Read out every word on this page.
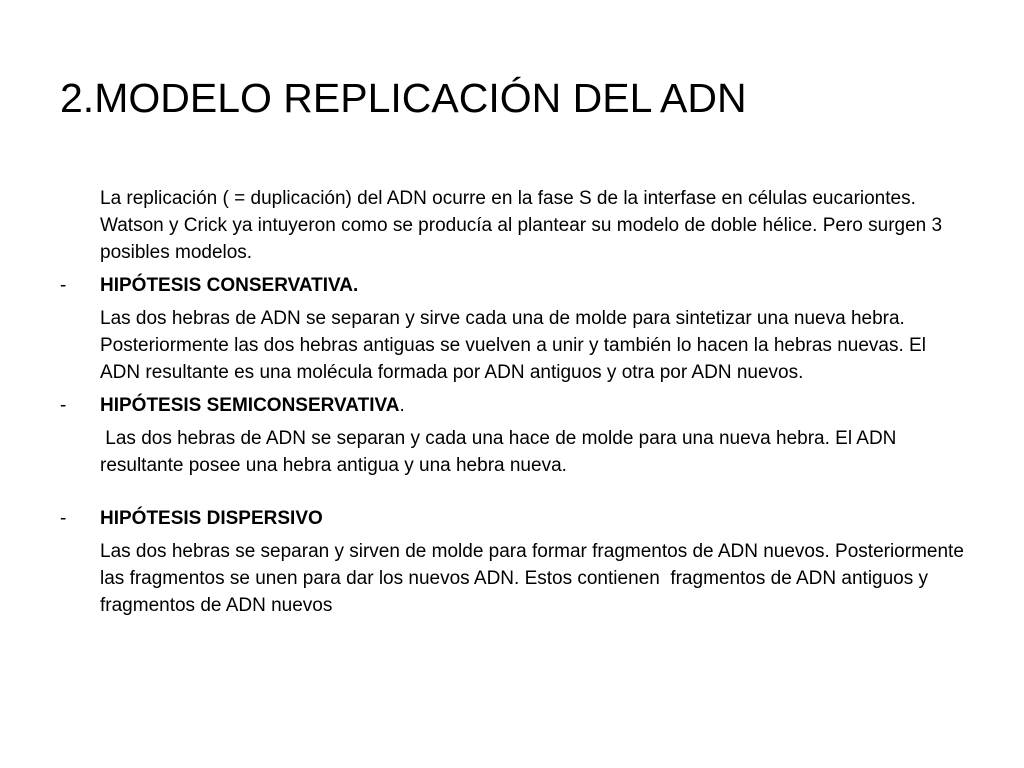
2.MODELO REPLICACIÓN DEL ADN

La replicación ( = duplicación) del ADN ocurre en la fase S de la interfase en células eucariontes. Watson y Crick ya intuyeron como se producía al plantear su modelo de doble hélice. Pero surgen 3 posibles modelos.

- HIPÓTESIS CONSERVATIVA.

Las dos hebras de ADN se separan y sirve cada una de molde para sintetizar una nueva hebra. Posteriormente las dos hebras antiguas se vuelven a unir y también lo hacen la hebras nuevas. El ADN resultante es una molécula formada por ADN antiguos y otra por ADN nuevos.

- HIPÓTESIS SEMICONSERVATIVA.

Las dos hebras de ADN se separan y cada una hace de molde para una nueva hebra. El ADN resultante posee una hebra antigua y una hebra nueva.

- HIPÓTESIS DISPERSIVO

Las dos hebras se separan y sirven de molde para formar fragmentos de ADN nuevos. Posteriormente las fragmentos se unen para dar los nuevos ADN. Estos contienen  fragmentos de ADN antiguos y fragmentos de ADN nuevos
